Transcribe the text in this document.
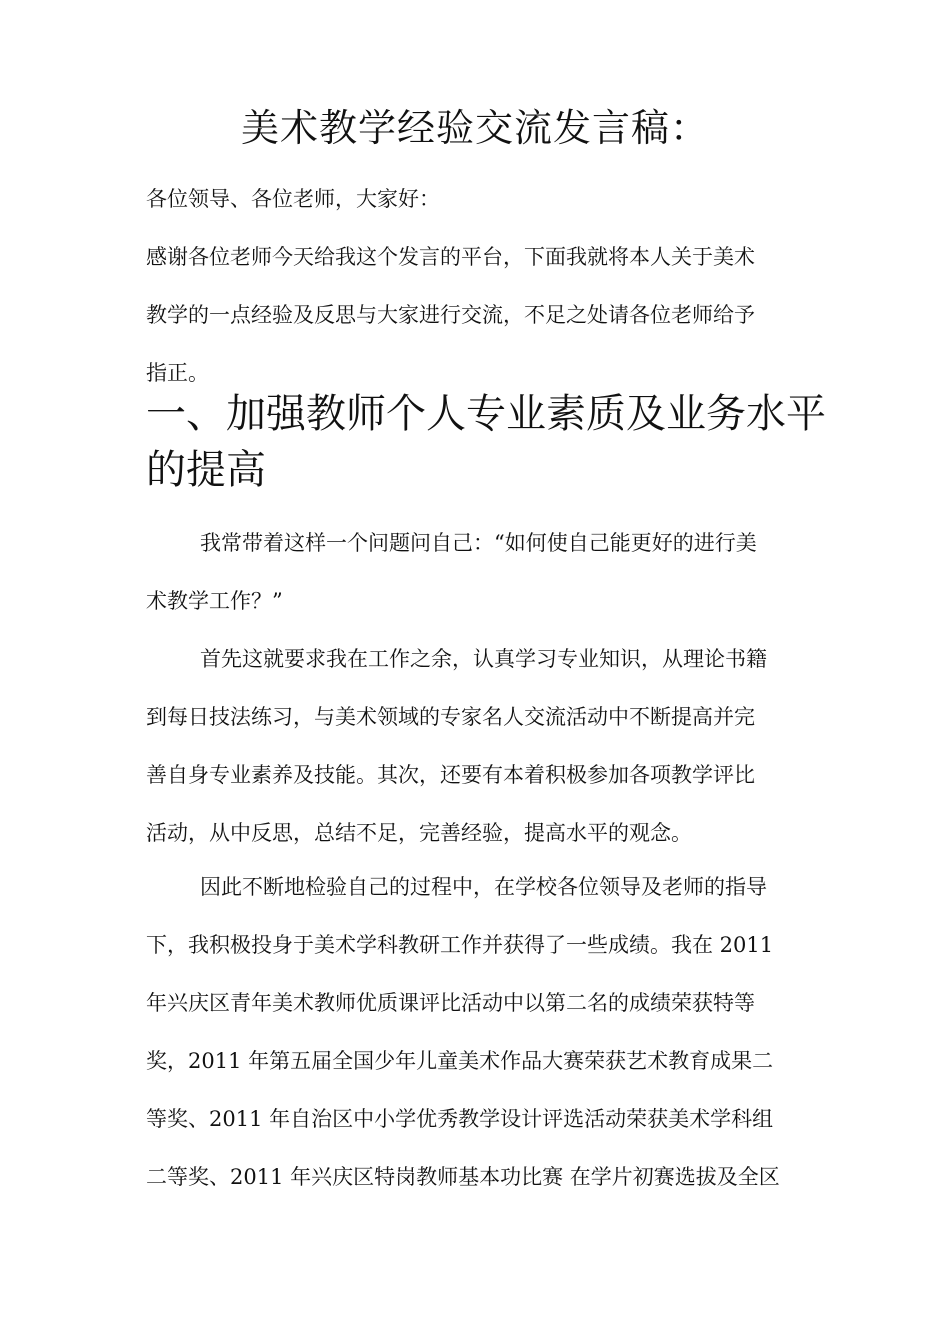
美术教学经验交流发言稿：
各位领导、各位老师，大家好：
感谢各位老师今天给我这个发言的平台，下面我就将本人关于美术
教学的一点经验及反思与大家进行交流，不足之处请各位老师给予
指正。
一、加强教师个人专业素质及业务水平
的提高
我常带着这样一个问题问自己：“如何使自己能更好的进行美
术教学工作？”
首先这就要求我在工作之余，认真学习专业知识，从理论书籍
到每日技法练习，与美术领域的专家名人交流活动中不断提高并完
善自身专业素养及技能。其次，还要有本着积极参加各项教学评比
活动，从中反思，总结不足，完善经验，提高水平的观念。
因此不断地检验自己的过程中，在学校各位领导及老师的指导
下，我积极投身于美术学科教研工作并获得了一些成绩。我在 2011
年兴庆区青年美术教师优质课评比活动中以第二名的成绩荣获特等
奖，2011 年第五届全国少年儿童美术作品大赛荣获艺术教育成果二
等奖、2011 年自治区中小学优秀教学设计评选活动荣获美术学科组
二等奖、2011 年兴庆区特岗教师基本功比赛 在学片初赛选拔及全区
